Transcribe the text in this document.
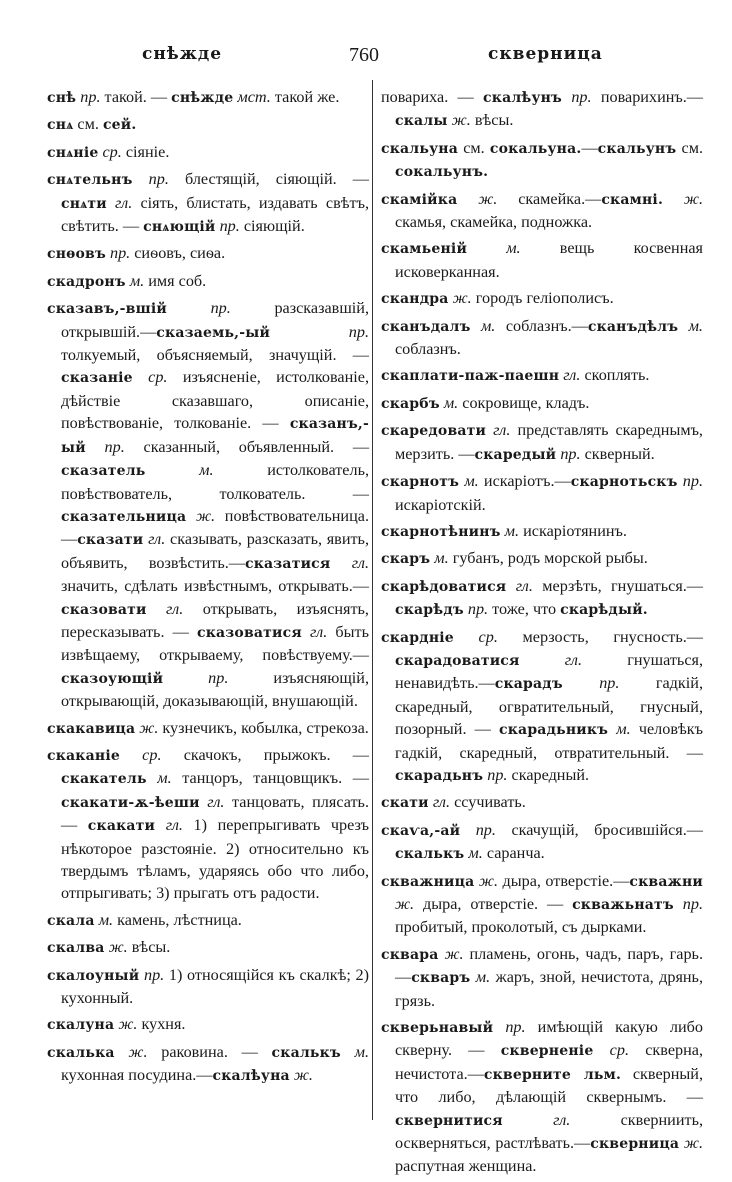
снѣжде	760	скверница
снѣ пр. такой. — снѣжде мст. такой же.
снѧ см. сей.
снѧніе ср. сіяніе.
снѧтельнъ пр. блестящій, сіяющій. — снѧти гл. сіять, блистать, издавать свѣтъ, свѣтить. — снѧющій пр. сіяющій.
снѳовъ пр. сиѳовъ, сиѳа.
скадронъ м. имя соб.
сказавъ,-вшій пр. разсказавшій, открывшій.—сказаемь,-ый пр. толкуемый, объясняемый, значущій. — сказаніе ср. изъясненіе, истолкованіе, дѣйствіе сказавшаго, описаніе, повѣствованіе, толкованіе. — сказанъ,-ый пр. сказанный, объявленный. — сказатель м. истолкователь, повѣствователь, толкователь. — сказательница ж. повѣствовательница.—сказати гл. сказывать, разсказать, явить, объявить, возвѣстить.—сказатися гл. значить, сдѣлать извѣстнымъ, открывать.—сказовати гл. открывать, изъяснять, пересказывать. — сказоватися гл. быть извѣщаему, открываему, повѣствуему.—сказоующій пр. изъясняющій, открывающій, доказывающій, внушающій.
скакавица ж. кузнечикъ, кобылка, стрекоза.
скаканіе ср. скачокъ, прыжокъ. — скакатель м. танцоръ, танцовщикъ. — скакати-ѫ-ѣеши гл. танцовать, плясать.— скакати гл. 1) перепрыгивать чрезъ нѣкоторое разстояніе. 2) относительно къ твердымъ тѣламъ, ударяясь обо что либо, отпрыгивать; 3) прыгать отъ радости.
скала м. камень, лѣстница.
скалва ж. вѣсы.
скалоуный пр. 1) относящійся къ скалкѣ; 2) кухонный.
скалуна ж. кухня.
скалька ж. раковина. — скалькъ м. кухонная посудина.—скалѣуна ж.
повариха. — скалѣунъ пр. поварихинъ.—скалы ж. вѣсы.
скальуна см. сокальуна.—скальунъ см. сокальунъ.
скамійка ж. скамейка.—скамні. ж. скамья, скамейка, подножка.
скамьеній м. вещь косвенная исковерканная.
скандра ж. городъ геліополисъ.
сканъдалъ м. соблазнъ.—сканъдѣлъ м. соблазнъ.
скаплати-паж-паешн гл. скоплять.
скарбъ м. сокровище, кладъ.
скаредовати гл. представлять скареднымъ, мерзить. —скаредый пр. скверный.
скарнотъ м. искаріотъ.—скарнотьскъ пр. искаріотскій.
скарнотѣнинъ м. искаріотянинъ.
скаръ м. губанъ, родъ морской рыбы.
скарѣдоватися гл. мерзѣть, гнушаться.—скарѣдъ пр. тоже, что скарѣдый.
скардніе ср. мерзость, гнусность.—скарадоватися гл. гнушаться, ненавидѣть.—скарадъ пр. гадкій, скаредный, огвратительный, гнусный, позорный. — скарадьникъ м. человѣкъ гадкій, скаредный, отвратительный. — скарадьнъ пр. скаредный.
скати гл. ссучивать.
скаѵа,-ай пр. скачущій, бросившійся.—скалькъ м. саранча.
скважница ж. дыра, отверстіе.—скважни ж. дыра, отверстіе. — скважьнатъ пр. пробитый, проколотый, съ дырками.
сквара ж. пламень, огонь, чадъ, паръ, гарь.—скваръ м. жаръ, зной, нечистота, дрянь, грязь.
скверьнавый пр. имѣющій какую либо скверну. — скверненіе ср. скверна, нечистота.—скверните льм. скверный, что либо, дѣлающій сквернымъ. — сквернитися гл. скверниить, оскверняться, растлѣвать.—скверница ж. распутная женщина.
